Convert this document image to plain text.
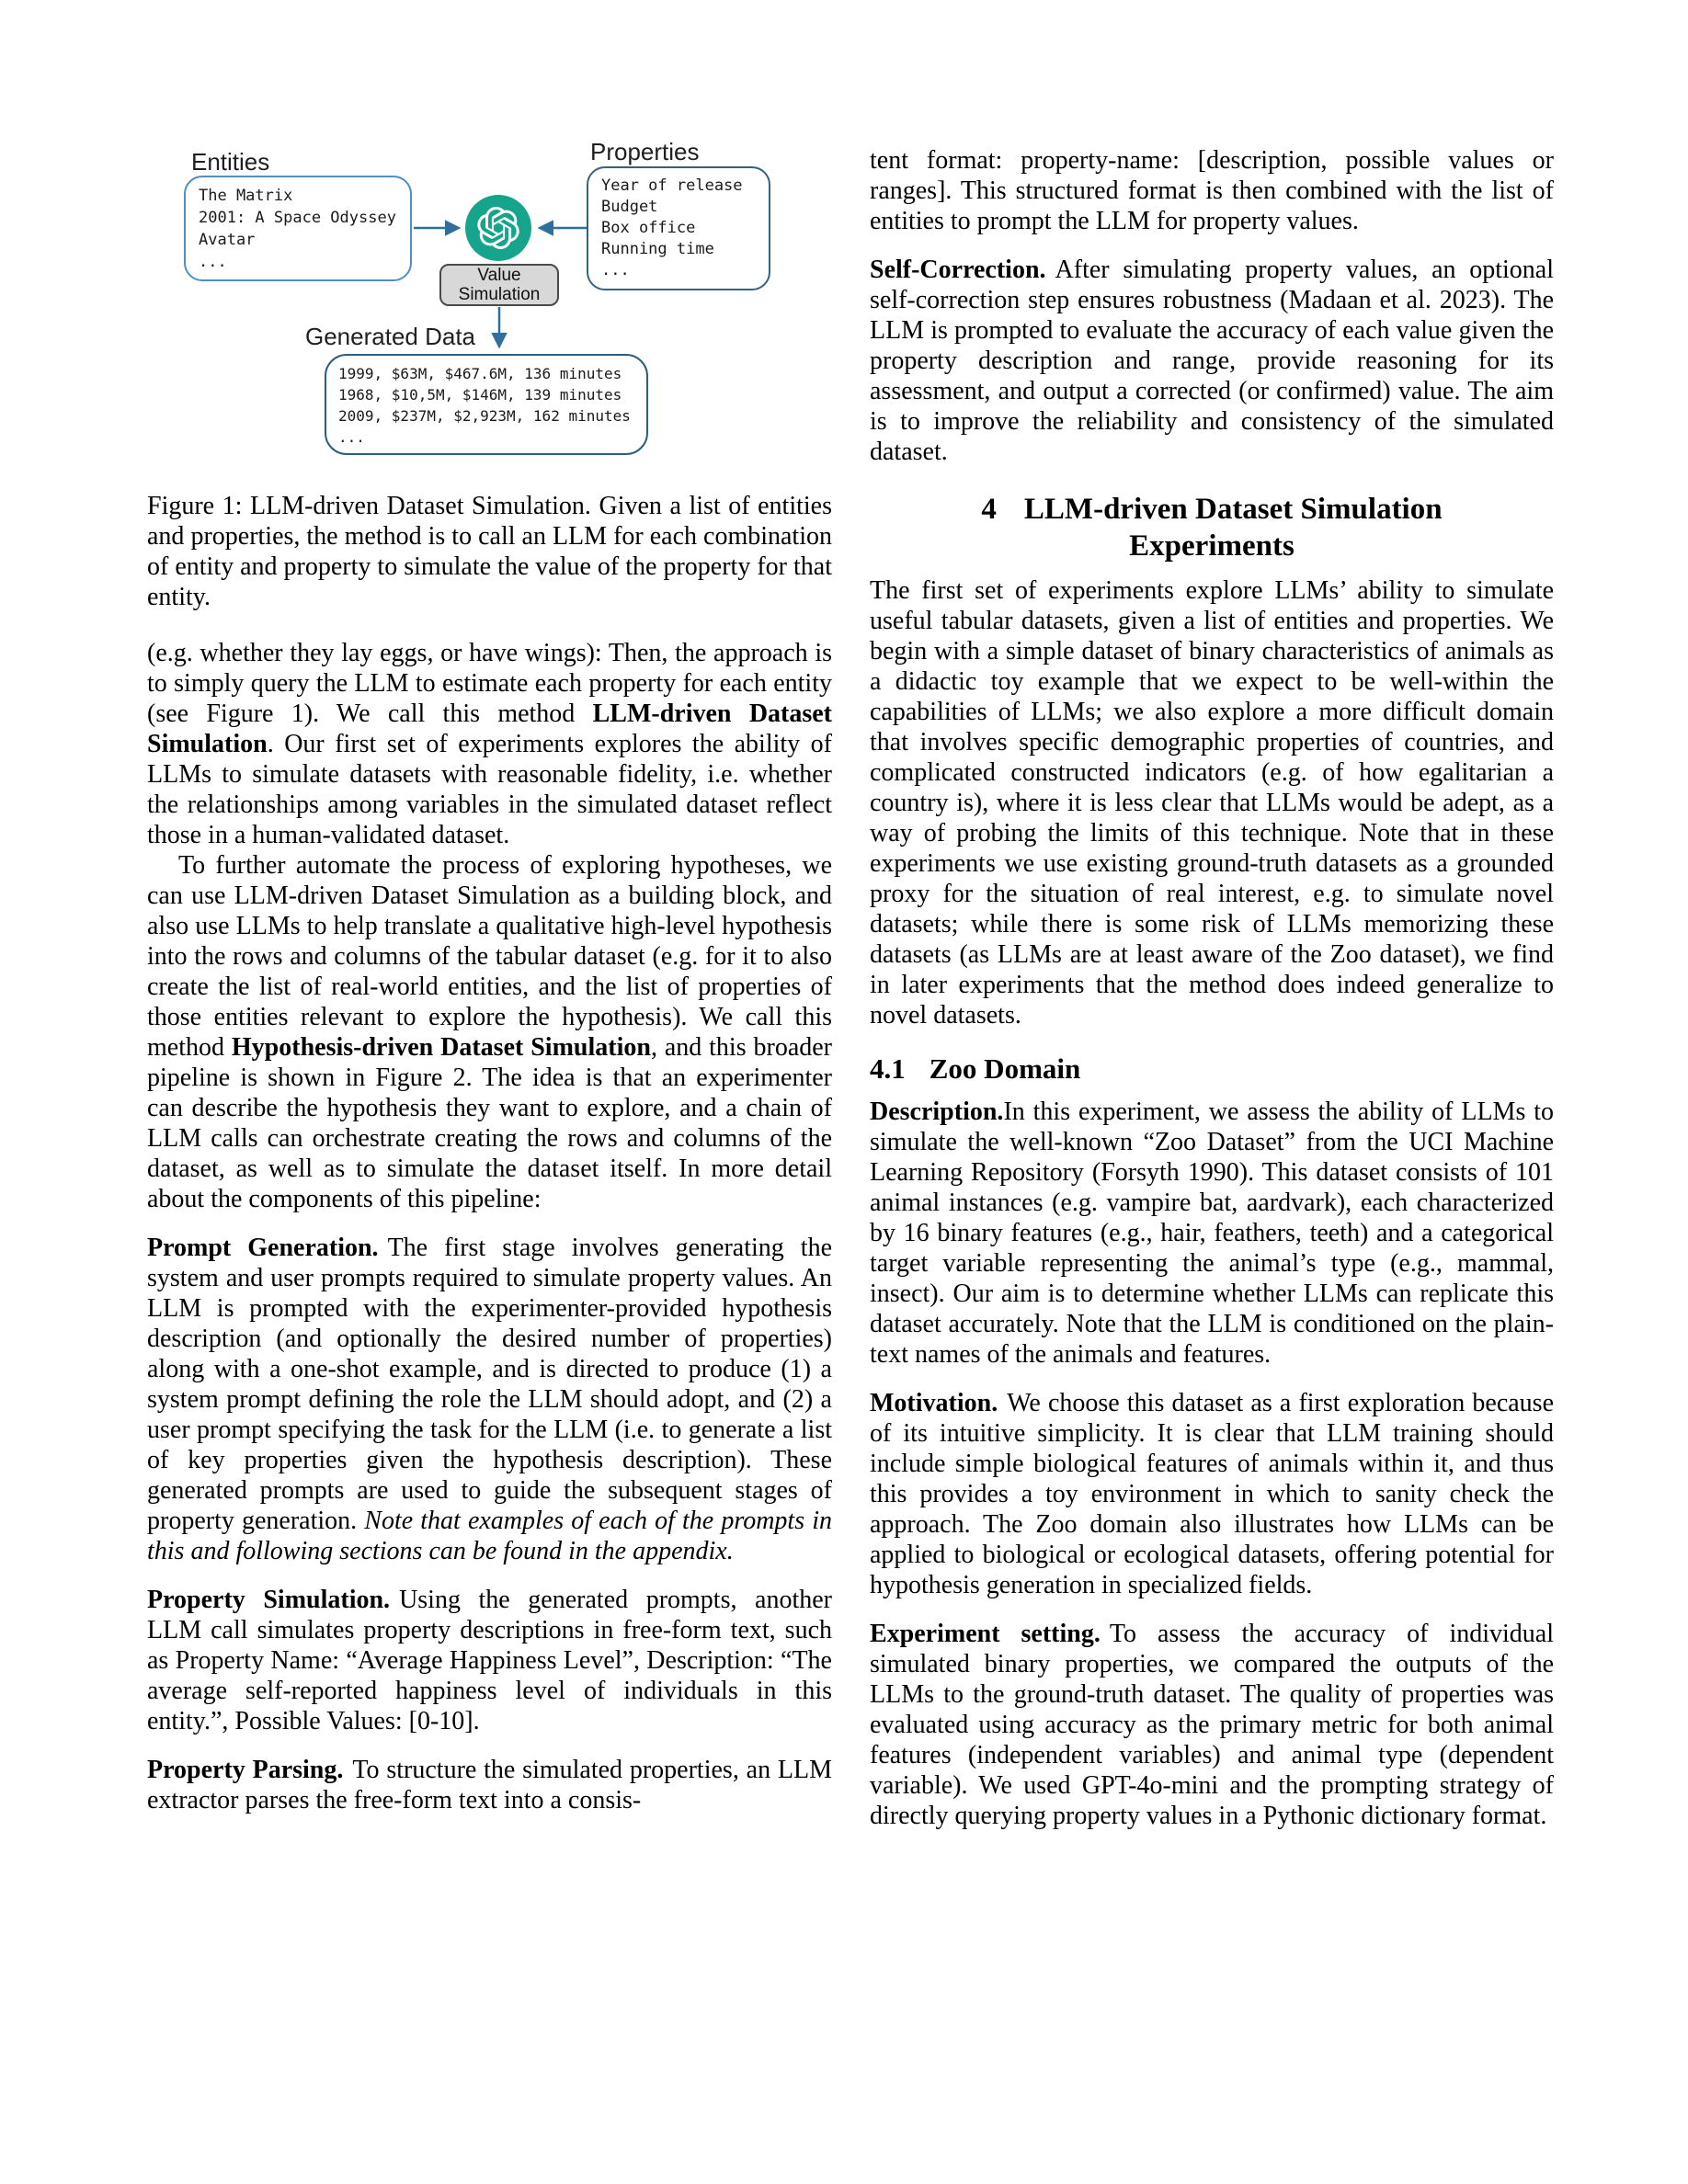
Entities
The Matrix
2001: A Space Odyssey
Avatar
...
Properties
Year of release
Budget
Box office
Running time
...
Value
Simulation
Generated Data
1999, $63M, $467.6M, 136 minutes
1968, $10,5M, $146M, 139 minutes
2009, $237M, $2,923M, 162 minutes
...

Figure 1: LLM-driven Dataset Simulation. Given a list of entities and properties, the method is to call an LLM for each combination of entity and property to simulate the value of the property for that entity.

(e.g. whether they lay eggs, or have wings): Then, the approach is to simply query the LLM to estimate each property for each entity (see Figure 1). We call this method LLM-driven Dataset Simulation. Our first set of experiments explores the ability of LLMs to simulate datasets with reasonable fidelity, i.e. whether the relationships among variables in the simulated dataset reflect those in a human-validated dataset.

To further automate the process of exploring hypotheses, we can use LLM-driven Dataset Simulation as a building block, and also use LLMs to help translate a qualitative high-level hypothesis into the rows and columns of the tabular dataset (e.g. for it to also create the list of real-world entities, and the list of properties of those entities relevant to explore the hypothesis). We call this method Hypothesis-driven Dataset Simulation, and this broader pipeline is shown in Figure 2. The idea is that an experimenter can describe the hypothesis they want to explore, and a chain of LLM calls can orchestrate creating the rows and columns of the dataset, as well as to simulate the dataset itself. In more detail about the components of this pipeline:

Prompt Generation. The first stage involves generating the system and user prompts required to simulate property values. An LLM is prompted with the experimenter-provided hypothesis description (and optionally the desired number of properties) along with a one-shot example, and is directed to produce (1) a system prompt defining the role the LLM should adopt, and (2) a user prompt specifying the task for the LLM (i.e. to generate a list of key properties given the hypothesis description). These generated prompts are used to guide the subsequent stages of property generation. Note that examples of each of the prompts in this and following sections can be found in the appendix.

Property Simulation. Using the generated prompts, another LLM call simulates property descriptions in free-form text, such as Property Name: “Average Happiness Level”, Description: “The average self-reported happiness level of individuals in this entity.”, Possible Values: [0-10].

Property Parsing. To structure the simulated properties, an LLM extractor parses the free-form text into a consis-

tent format: property-name: [description, possible values or ranges]. This structured format is then combined with the list of entities to prompt the LLM for property values.

Self-Correction. After simulating property values, an optional self-correction step ensures robustness (Madaan et al. 2023). The LLM is prompted to evaluate the accuracy of each value given the property description and range, provide reasoning for its assessment, and output a corrected (or confirmed) value. The aim is to improve the reliability and consistency of the simulated dataset.

4 LLM-driven Dataset Simulation
Experiments

The first set of experiments explore LLMs’ ability to simulate useful tabular datasets, given a list of entities and properties. We begin with a simple dataset of binary characteristics of animals as a didactic toy example that we expect to be well-within the capabilities of LLMs; we also explore a more difficult domain that involves specific demographic properties of countries, and complicated constructed indicators (e.g. of how egalitarian a country is), where it is less clear that LLMs would be adept, as a way of probing the limits of this technique. Note that in these experiments we use existing ground-truth datasets as a grounded proxy for the situation of real interest, e.g. to simulate novel datasets; while there is some risk of LLMs memorizing these datasets (as LLMs are at least aware of the Zoo dataset), we find in later experiments that the method does indeed generalize to novel datasets.

4.1 Zoo Domain

Description.In this experiment, we assess the ability of LLMs to simulate the well-known “Zoo Dataset” from the UCI Machine Learning Repository (Forsyth 1990). This dataset consists of 101 animal instances (e.g. vampire bat, aardvark), each characterized by 16 binary features (e.g., hair, feathers, teeth) and a categorical target variable representing the animal’s type (e.g., mammal, insect). Our aim is to determine whether LLMs can replicate this dataset accurately. Note that the LLM is conditioned on the plain-text names of the animals and features.

Motivation. We choose this dataset as a first exploration because of its intuitive simplicity. It is clear that LLM training should include simple biological features of animals within it, and thus this provides a toy environment in which to sanity check the approach. The Zoo domain also illustrates how LLMs can be applied to biological or ecological datasets, offering potential for hypothesis generation in specialized fields.

Experiment setting. To assess the accuracy of individual simulated binary properties, we compared the outputs of the LLMs to the ground-truth dataset. The quality of properties was evaluated using accuracy as the primary metric for both animal features (independent variables) and animal type (dependent variable). We used GPT-4o-mini and the prompting strategy of directly querying property values in a Pythonic dictionary format.
